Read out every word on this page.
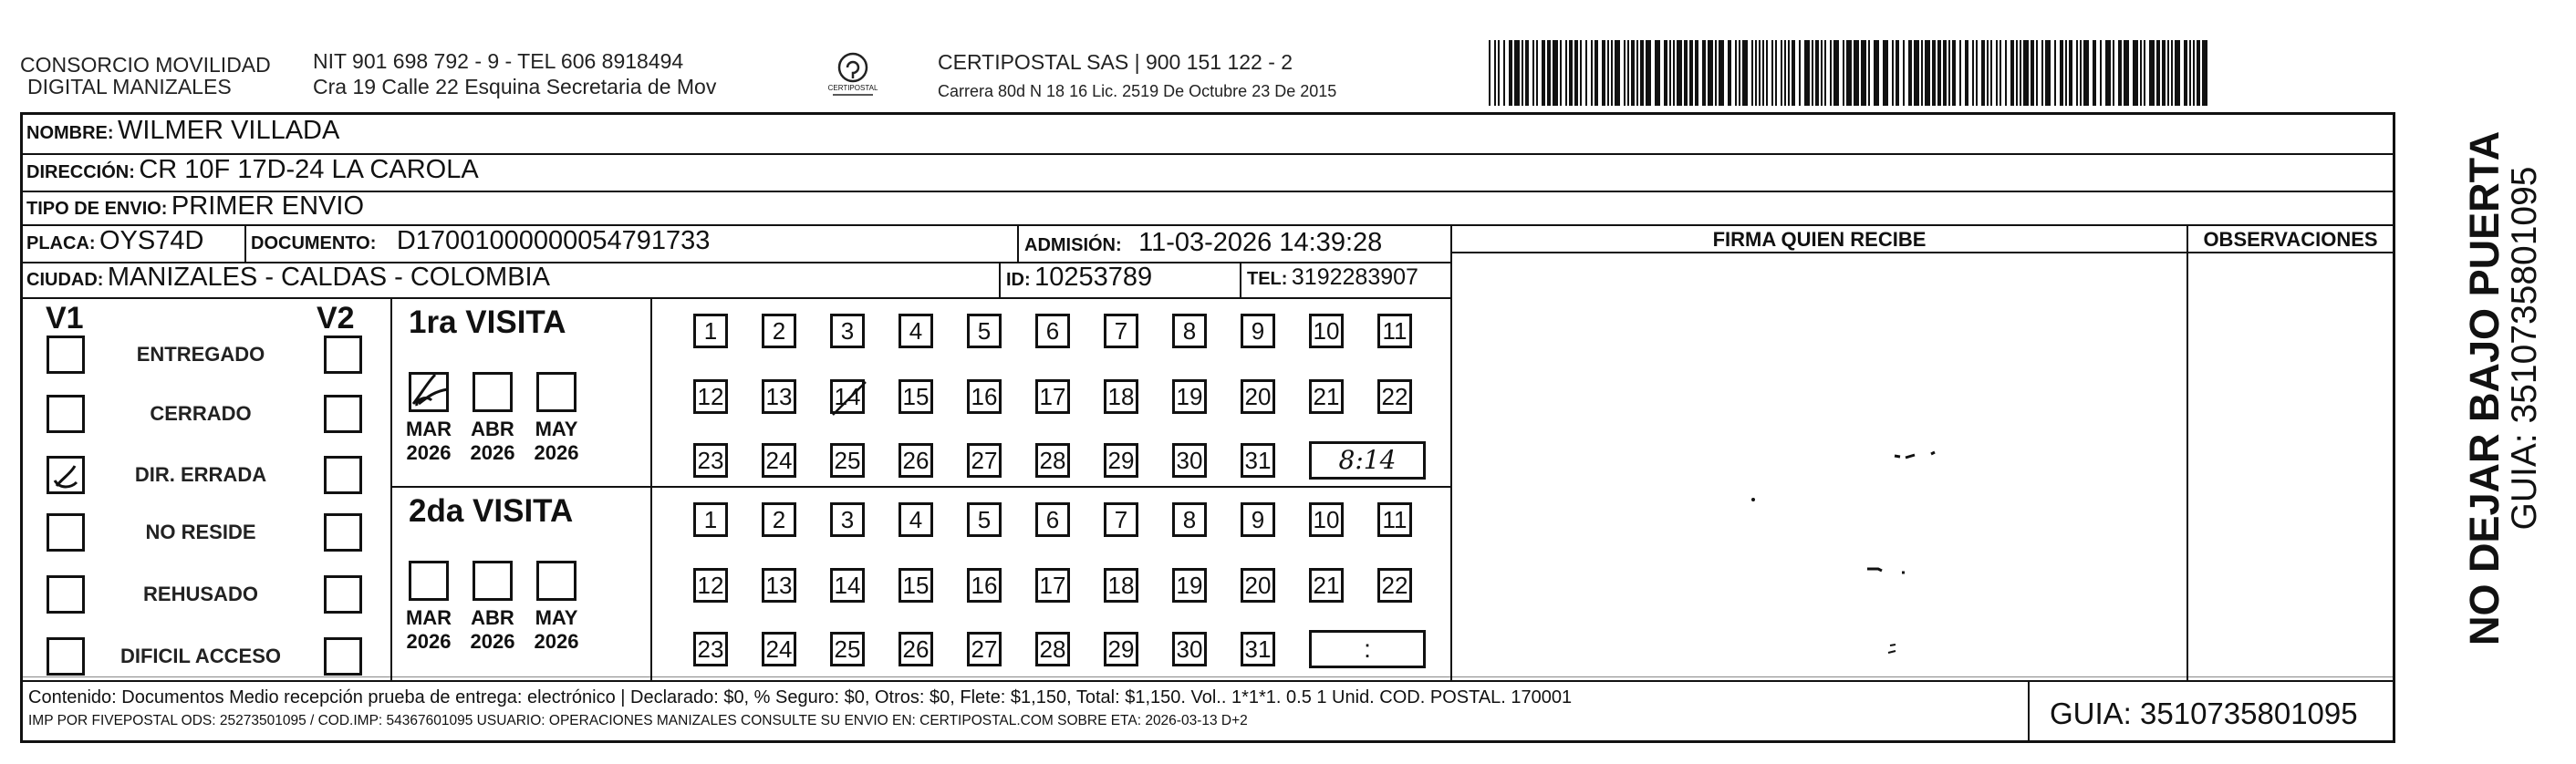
CONSORCIO MOVILIDAD
DIGITAL MANIZALES
NIT 901 698 792 - 9 - TEL 606 8918494
Cra 19 Calle 22 Esquina Secretaria de Mov	CERTIPOSTAL
CERTIPOSTAL SAS | 900 151 122 - 2
Carrera 80d N 18 16 Lic. 2519 De Octubre 23 De 2015
NOMBRE: WILMER VILLADA
DIRECCIÓN: CR 10F 17D-24 LA CAROLA
TIPO DE ENVIO: PRIMER ENVIO
PLACA: OYS74D	DOCUMENTO: D17001000000054791733	ADMISIÓN: 11-03-2026 14:39:28
CIUDAD: MANIZALES - CALDAS - COLOMBIA	ID: 10253789	TEL: 3192283907
FIRMA QUIEN RECIBE	OBSERVACIONES
V1	V2
ENTREGADO
CERRADO
DIR. ERRADA
NO RESIDE
REHUSADO
DIFICIL ACCESO
1ra VISITA
MAR
2026
ABR
2026
MAY
2026
1	2	3	4	5	6	7	8	9	10 11
12 13 14 15 16 17 18 19 20 21 22
23 24 25 26 27 28 29 30 31	8:14
2da VISITA
MAR
2026
ABR
2026
MAY
2026
1	2	3	4	5	6	7	8	9	10 11
12 13 14 15 16 17 18 19 20 21 22
23 24 25 26 27 28 29 30 31	:
Contenido: Documentos Medio recepción prueba de entrega: electrónico | Declarado: $0, % Seguro: $0, Otros: $0, Flete: $1,150, Total: $1,150. Vol.. 1*1*1. 0.5 1 Unid. COD. POSTAL. 170001
IMP POR FIVEPOSTAL ODS: 25273501095 / COD.IMP: 54367601095 USUARIO: OPERACIONES MANIZALES CONSULTE SU ENVIO EN: CERTIPOSTAL.COM SOBRE ETA: 2026-03-13 D+2	GUIA: 3510735801095
NO DEJAR BAJO PUERTA
GUIA: 3510735801095
